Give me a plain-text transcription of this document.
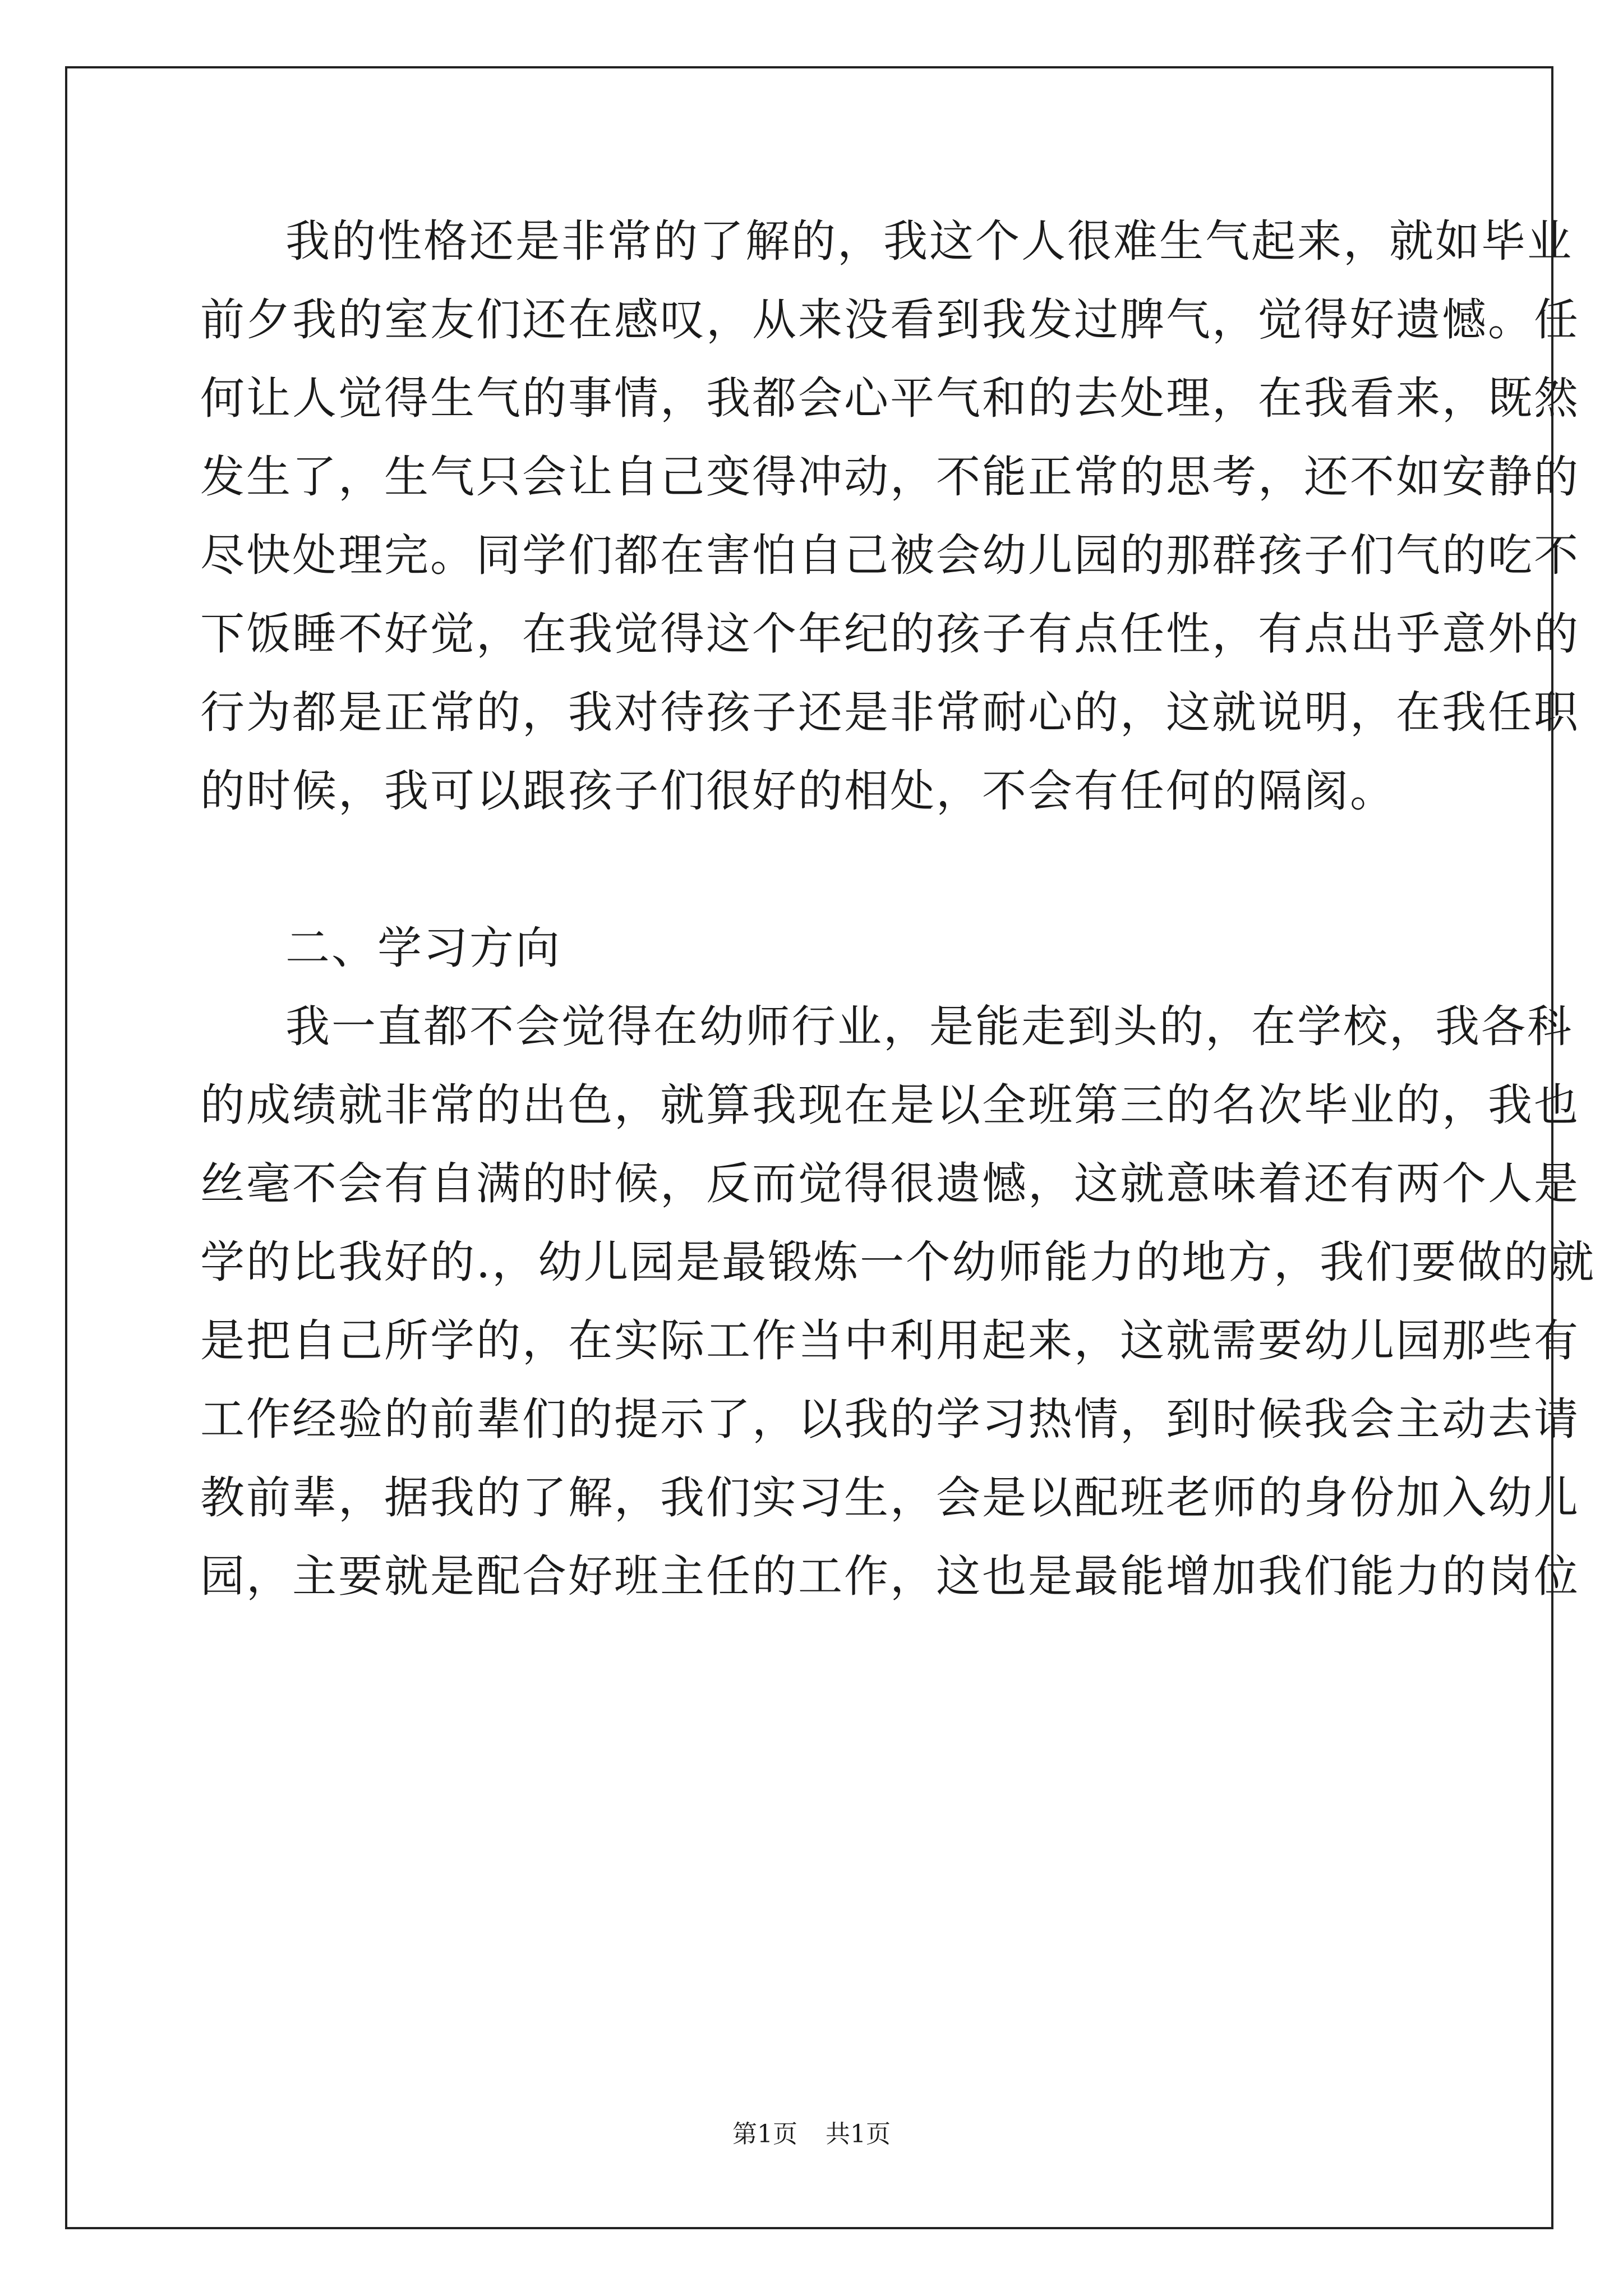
我的性格还是非常的了解的，我这个人很难生气起来，就如毕业
前夕我的室友们还在感叹，从来没看到我发过脾气，觉得好遗憾。任
何让人觉得生气的事情，我都会心平气和的去处理，在我看来，既然
发生了，生气只会让自己变得冲动，不能正常的思考，还不如安静的
尽快处理完。同学们都在害怕自己被会幼儿园的那群孩子们气的吃不
下饭睡不好觉，在我觉得这个年纪的孩子有点任性，有点出乎意外的
行为都是正常的，我对待孩子还是非常耐心的，这就说明，在我任职
的时候，我可以跟孩子们很好的相处，不会有任何的隔阂。
二、学习方向
我一直都不会觉得在幼师行业，是能走到头的，在学校，我各科
的成绩就非常的出色，就算我现在是以全班第三的名次毕业的，我也
丝毫不会有自满的时候，反而觉得很遗憾，这就意味着还有两个人是
学的比我好的.，幼儿园是最锻炼一个幼师能力的地方，我们要做的就
是把自己所学的，在实际工作当中利用起来，这就需要幼儿园那些有
工作经验的前辈们的提示了，以我的学习热情，到时候我会主动去请
教前辈，据我的了解，我们实习生，会是以配班老师的身份加入幼儿
园，主要就是配合好班主任的工作，这也是最能增加我们能力的岗位
第1页 共1页
